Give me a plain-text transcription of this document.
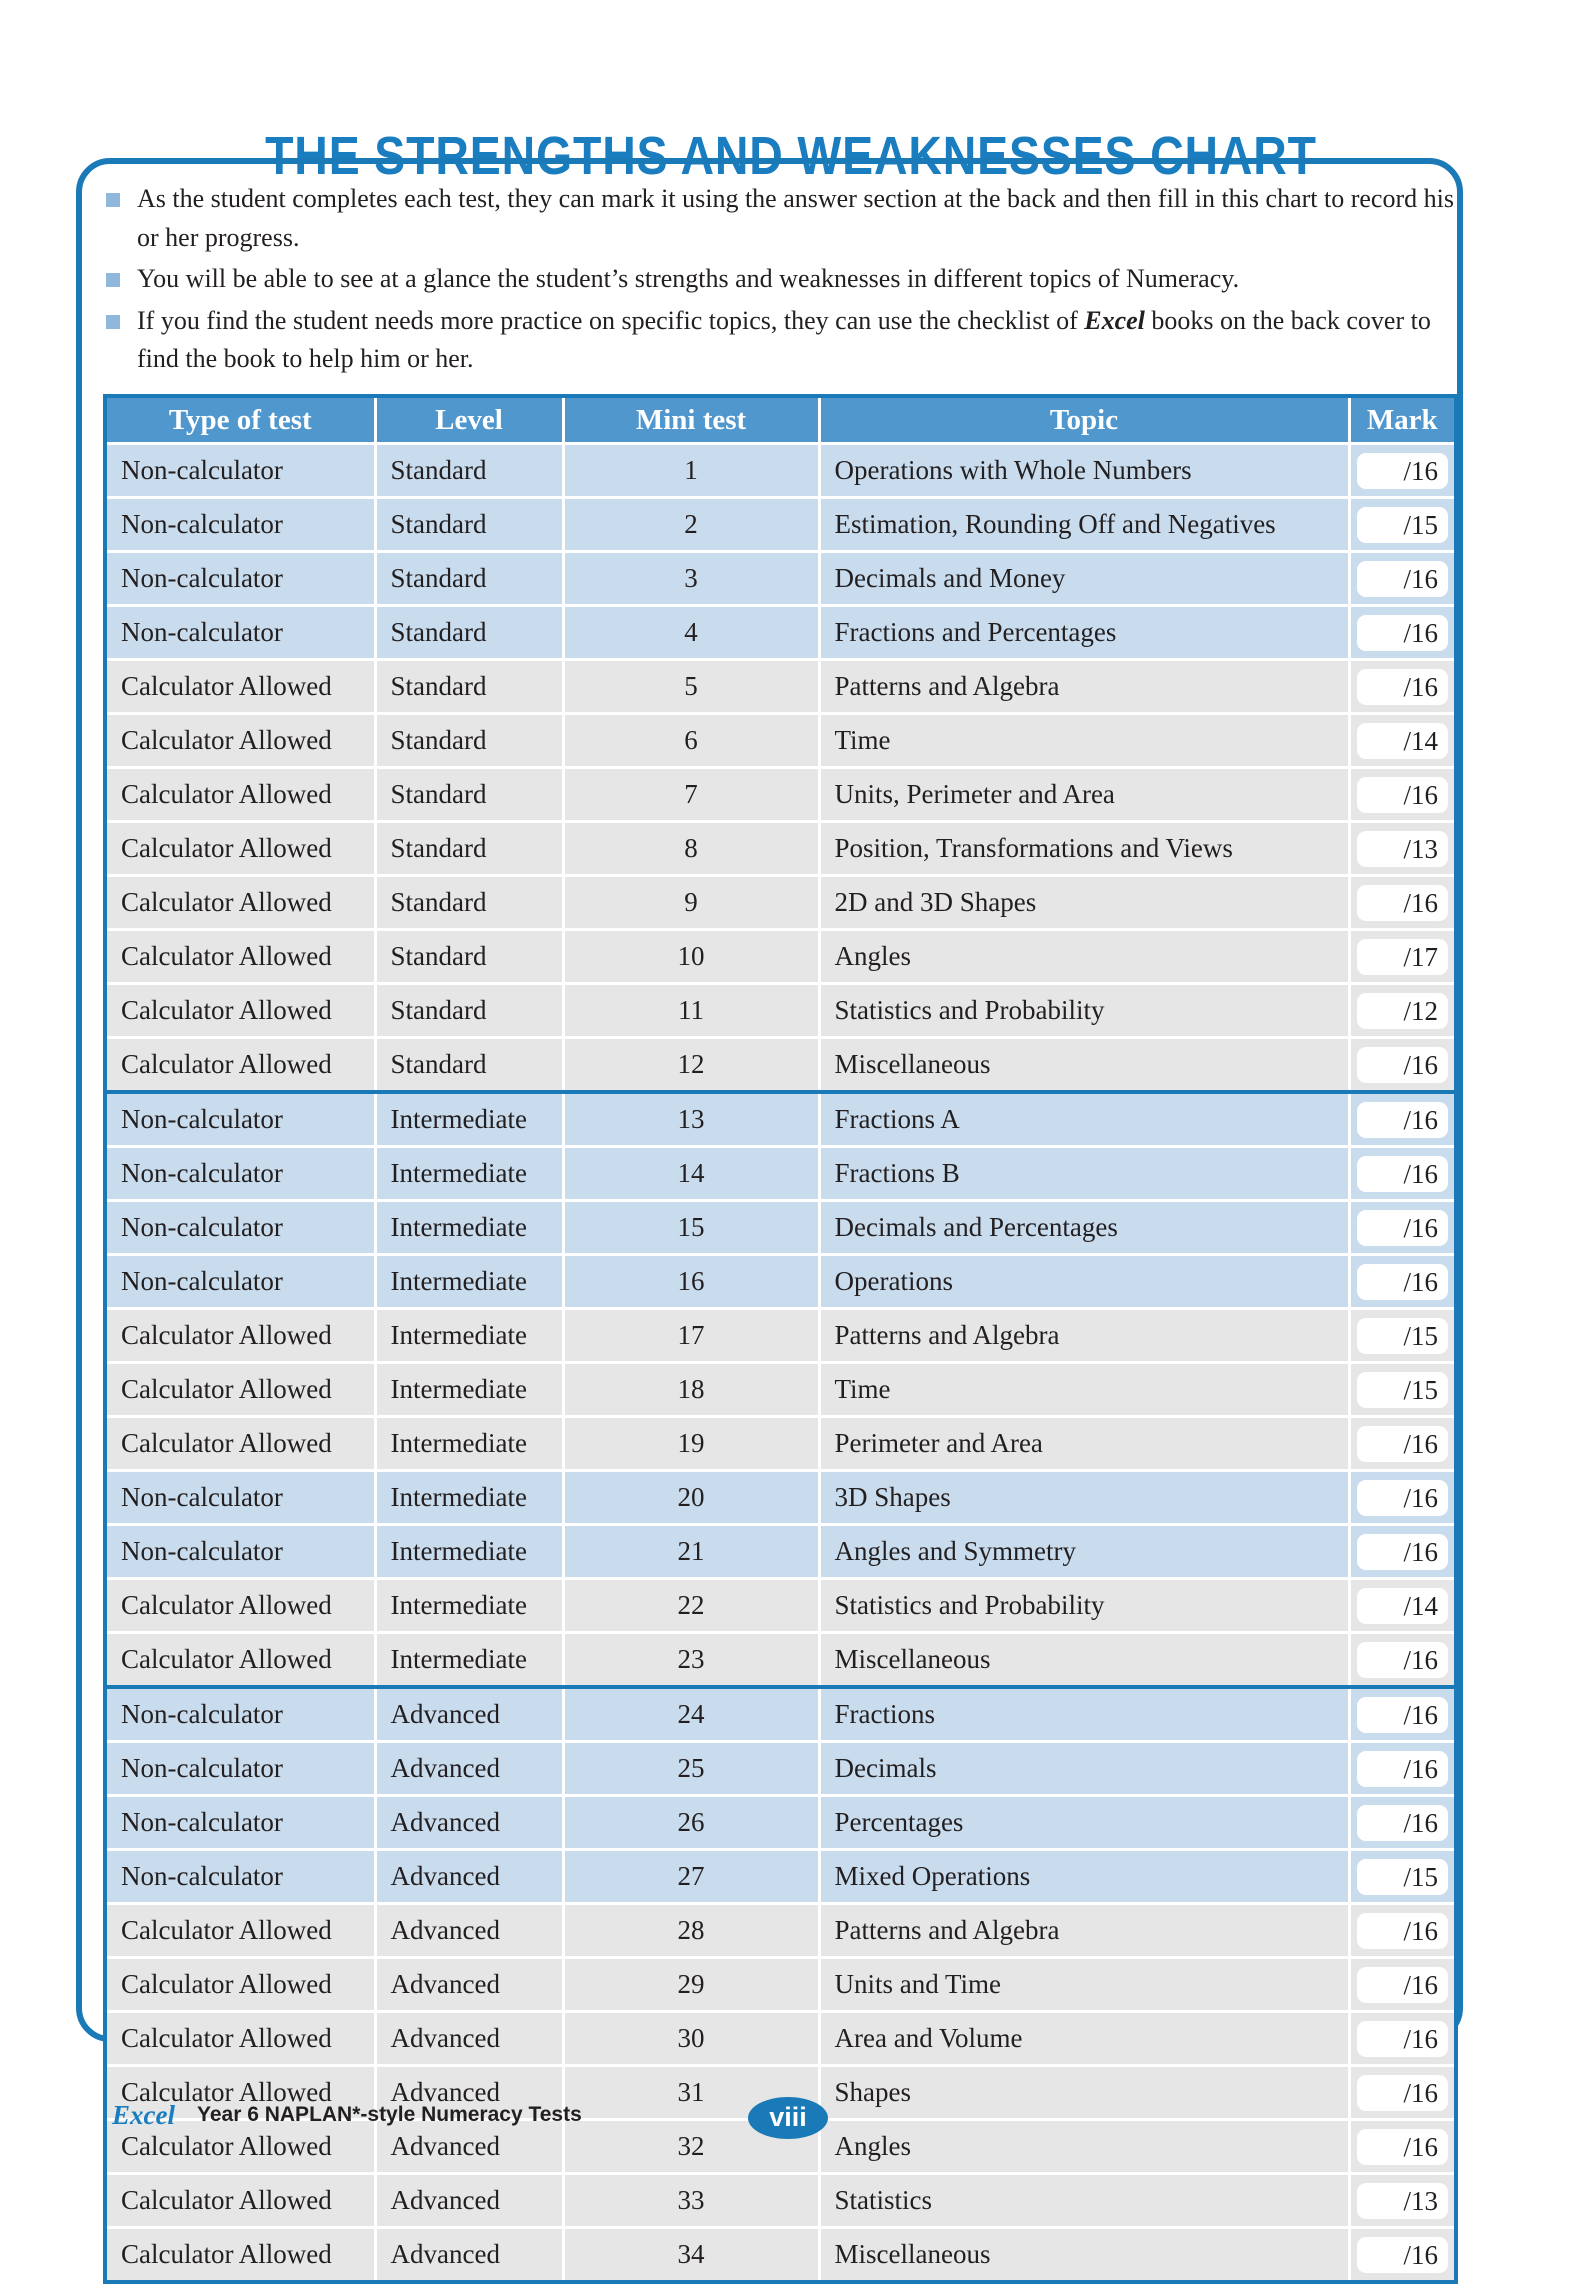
THE STRENGTHS AND WEAKNESSES CHART
As the student completes each test, they can mark it using the answer section at the back and then fill in this chart to record his or her progress.
You will be able to see at a glance the student’s strengths and weaknesses in different topics of Numeracy.
If you find the student needs more practice on specific topics, they can use the checklist of Excel books on the back cover to find the book to help him or her.
Type of test	Level	Mini test	Topic	Mark
Non-calculator	Standard	1	Operations with Whole Numbers	/16

Non-calculator	Standard	2	Estimation, Rounding Off and Negatives	/15

Non-calculator	Standard	3	Decimals and Money	/16

Non-calculator	Standard	4	Fractions and Percentages	/16

Calculator Allowed	Standard	5	Patterns and Algebra	/16

Calculator Allowed	Standard	6	Time	/14

Calculator Allowed	Standard	7	Units, Perimeter and Area	/16

Calculator Allowed	Standard	8	Position, Transformations and Views	/13

Calculator Allowed	Standard	9	2D and 3D Shapes	/16

Calculator Allowed	Standard	10	Angles	/17

Calculator Allowed	Standard	11	Statistics and Probability	/12

Calculator Allowed	Standard	12	Miscellaneous	/16

Non-calculator	Intermediate	13	Fractions A	/16

Non-calculator	Intermediate	14	Fractions B	/16

Non-calculator	Intermediate	15	Decimals and Percentages	/16

Non-calculator	Intermediate	16	Operations	/16

Calculator Allowed	Intermediate	17	Patterns and Algebra	/15

Calculator Allowed	Intermediate	18	Time	/15

Calculator Allowed	Intermediate	19	Perimeter and Area	/16

Non-calculator	Intermediate	20	3D Shapes	/16

Non-calculator	Intermediate	21	Angles and Symmetry	/16

Calculator Allowed	Intermediate	22	Statistics and Probability	/14

Calculator Allowed	Intermediate	23	Miscellaneous	/16

Non-calculator	Advanced	24	Fractions	/16

Non-calculator	Advanced	25	Decimals	/16

Non-calculator	Advanced	26	Percentages	/16

Non-calculator	Advanced	27	Mixed Operations	/15

Calculator Allowed	Advanced	28	Patterns and Algebra	/16

Calculator Allowed	Advanced	29	Units and Time	/16

Calculator Allowed	Advanced	30	Area and Volume	/16

Calculator Allowed	Advanced	31	Shapes	/16

Calculator Allowed	Advanced	32	Angles	/16

Calculator Allowed	Advanced	33	Statistics	/13

Calculator Allowed	Advanced	34	Miscellaneous	/16
Excel Year 6 NAPLAN*-style Numeracy Tests	viii
